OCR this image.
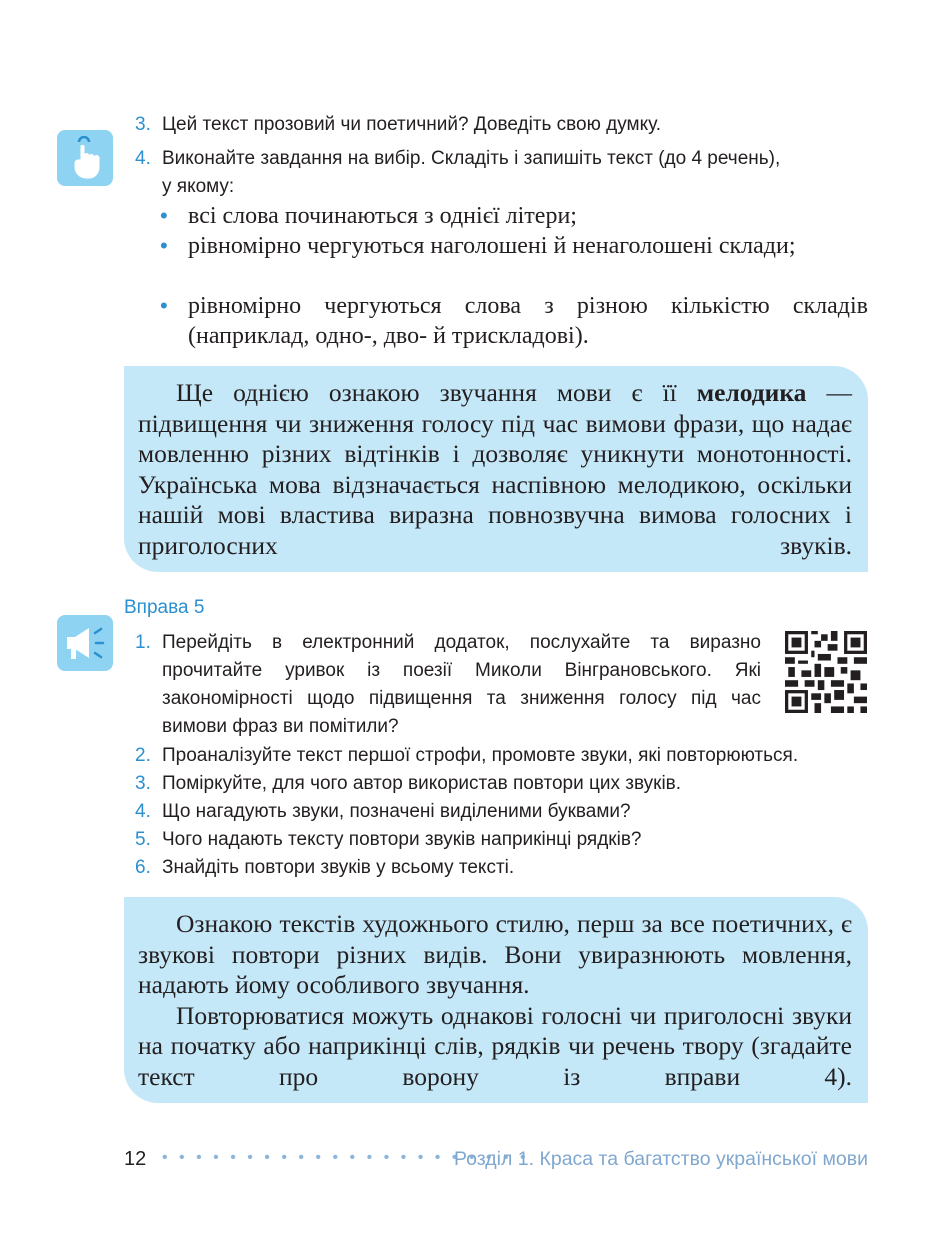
3. Цей текст прозовий чи поетичний? Доведіть свою думку.
4. Виконайте завдання на вибір. Складіть і запишіть текст (до 4 речень),
у якому:
• всі слова починаються з однієї літери;
• рівномірно чергуються наголошені й ненаголошені склади;
• рівномірно чергуються слова з різною кількістю складів (наприклад, одно-, дво- й трискладові).

Ще однією ознакою звучання мови є її мелодика — підвищення чи зниження голосу під час вимови фрази, що надає мовленню різних відтінків і дозволяє уникнути монотонності. Українська мова відзначається наспівною мелодикою, оскільки нашій мові властива виразна повнозвучна вимова голосних і приголосних звуків.

Вправа 5
1. Перейдіть в електронний додаток, послухайте та виразно прочитайте уривок із поезії Миколи Вінграновського. Які закономірності щодо підвищення та зниження голосу під час вимови фраз ви помітили?
2. Проаналізуйте текст першої строфи, промовте звуки, які повторюються.
3. Поміркуйте, для чого автор використав повтори цих звуків.
4. Що нагадують звуки, позначені виділеними буквами?
5. Чого надають тексту повтори звуків наприкінці рядків?
6. Знайдіть повтори звуків у всьому тексті.

Ознакою текстів художнього стилю, перш за все поетичних, є звукові повтори різних видів. Вони увиразнюють мовлення, надають йому особливого звучання.

Повторюватися можуть однакові голосні чи приголосні звуки на початку або наприкінці слів, рядків чи речень твору (згадайте текст про ворону із вправи 4).

12 • • • • • • • • • • • • • • • • • • • • • •
Розділ 1. Краса та багатство української мови
